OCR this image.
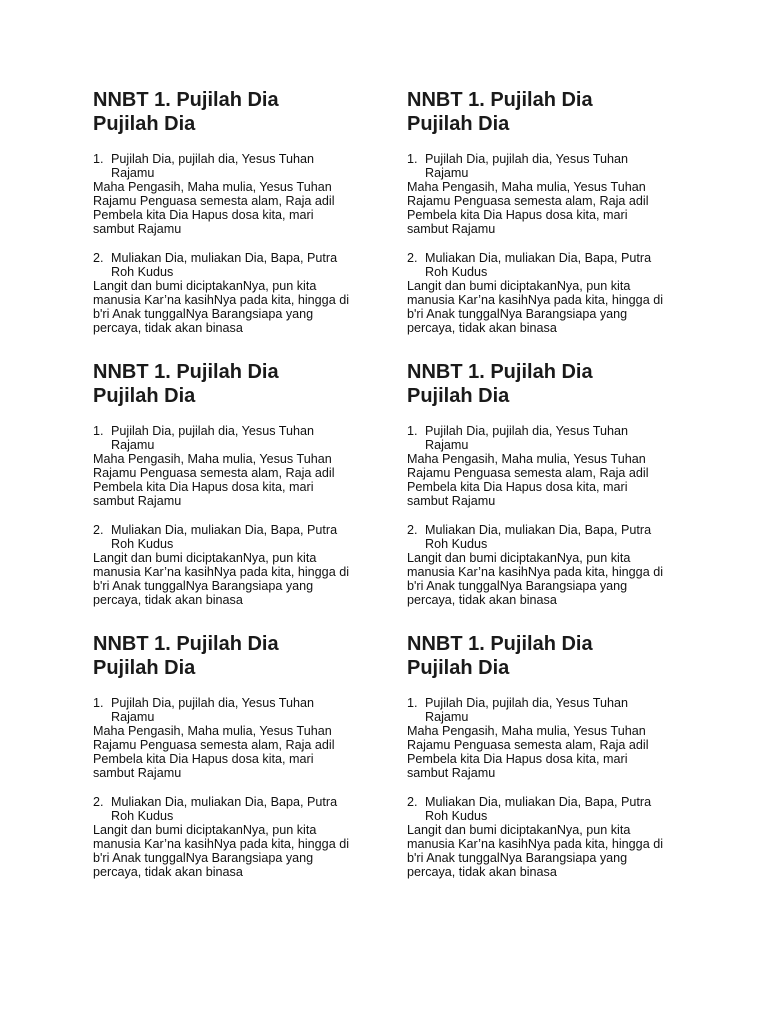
NNBT 1. Pujilah Dia
Pujilah Dia
1. Pujilah Dia, pujilah dia, Yesus Tuhan
Rajamu
Maha Pengasih, Maha mulia, Yesus Tuhan
Rajamu Penguasa semesta alam, Raja adil
Pembela kita Dia Hapus dosa kita, mari
sambut Rajamu
2. Muliakan Dia, muliakan Dia, Bapa, Putra
Roh Kudus
Langit dan bumi diciptakanNya, pun kita
manusia Kar’na kasihNya pada kita, hingga di
b'ri Anak tunggalNya Barangsiapa yang
percaya, tidak akan binasa
NNBT 1. Pujilah Dia
Pujilah Dia
1. Pujilah Dia, pujilah dia, Yesus Tuhan
Rajamu
Maha Pengasih, Maha mulia, Yesus Tuhan
Rajamu Penguasa semesta alam, Raja adil
Pembela kita Dia Hapus dosa kita, mari
sambut Rajamu
2. Muliakan Dia, muliakan Dia, Bapa, Putra
Roh Kudus
Langit dan bumi diciptakanNya, pun kita
manusia Kar’na kasihNya pada kita, hingga di
b'ri Anak tunggalNya Barangsiapa yang
percaya, tidak akan binasa
NNBT 1. Pujilah Dia
Pujilah Dia
1. Pujilah Dia, pujilah dia, Yesus Tuhan
Rajamu
Maha Pengasih, Maha mulia, Yesus Tuhan
Rajamu Penguasa semesta alam, Raja adil
Pembela kita Dia Hapus dosa kita, mari
sambut Rajamu
2. Muliakan Dia, muliakan Dia, Bapa, Putra
Roh Kudus
Langit dan bumi diciptakanNya, pun kita
manusia Kar’na kasihNya pada kita, hingga di
b'ri Anak tunggalNya Barangsiapa yang
percaya, tidak akan binasa
NNBT 1. Pujilah Dia
Pujilah Dia
1. Pujilah Dia, pujilah dia, Yesus Tuhan
Rajamu
Maha Pengasih, Maha mulia, Yesus Tuhan
Rajamu Penguasa semesta alam, Raja adil
Pembela kita Dia Hapus dosa kita, mari
sambut Rajamu
2. Muliakan Dia, muliakan Dia, Bapa, Putra
Roh Kudus
Langit dan bumi diciptakanNya, pun kita
manusia Kar’na kasihNya pada kita, hingga di
b'ri Anak tunggalNya Barangsiapa yang
percaya, tidak akan binasa
NNBT 1. Pujilah Dia
Pujilah Dia
1. Pujilah Dia, pujilah dia, Yesus Tuhan
Rajamu
Maha Pengasih, Maha mulia, Yesus Tuhan
Rajamu Penguasa semesta alam, Raja adil
Pembela kita Dia Hapus dosa kita, mari
sambut Rajamu
2. Muliakan Dia, muliakan Dia, Bapa, Putra
Roh Kudus
Langit dan bumi diciptakanNya, pun kita
manusia Kar’na kasihNya pada kita, hingga di
b'ri Anak tunggalNya Barangsiapa yang
percaya, tidak akan binasa
NNBT 1. Pujilah Dia
Pujilah Dia
1. Pujilah Dia, pujilah dia, Yesus Tuhan
Rajamu
Maha Pengasih, Maha mulia, Yesus Tuhan
Rajamu Penguasa semesta alam, Raja adil
Pembela kita Dia Hapus dosa kita, mari
sambut Rajamu
2. Muliakan Dia, muliakan Dia, Bapa, Putra
Roh Kudus
Langit dan bumi diciptakanNya, pun kita
manusia Kar’na kasihNya pada kita, hingga di
b'ri Anak tunggalNya Barangsiapa yang
percaya, tidak akan binasa
